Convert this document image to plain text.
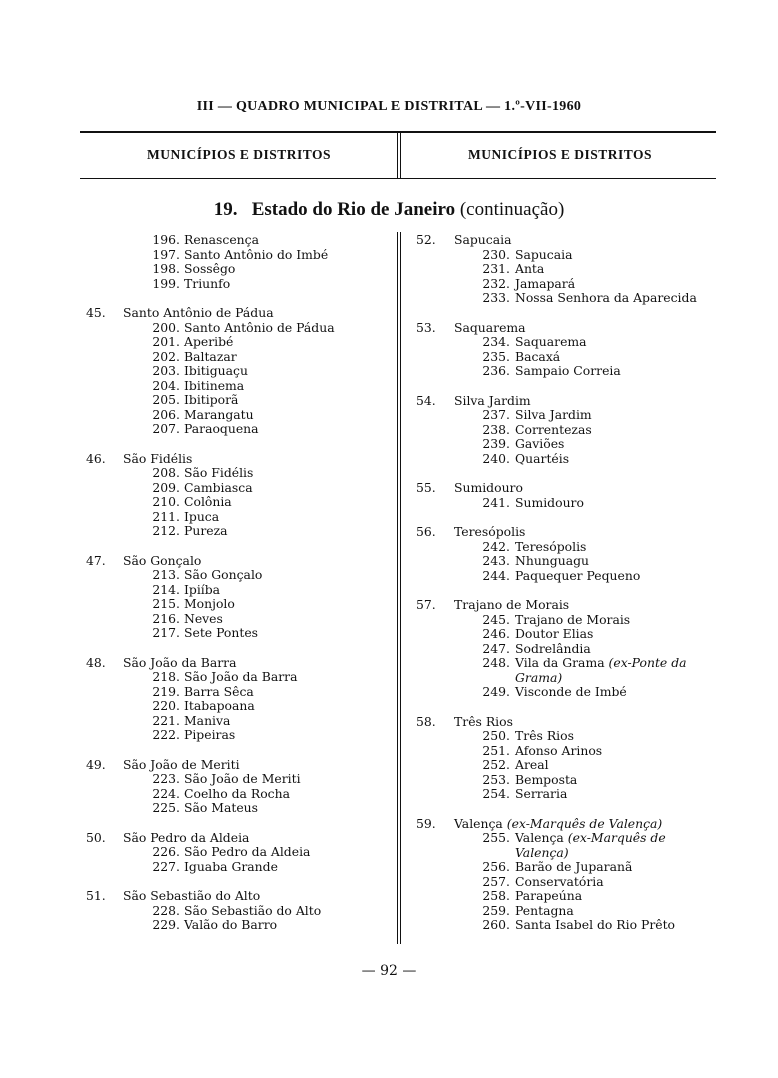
III — QUADRO MUNICIPAL E DISTRITAL — 1.º-VII-1960
MUNICÍPIOS E DISTRITOS	MUNICÍPIOS E DISTRITOS
19. Estado do Rio de Janeiro (continuação)
196. Renascença
197. Santo Antônio do Imbé
198. Sossêgo
199. Triunfo
45. Santo Antônio de Pádua
200. Santo Antônio de Pádua
201. Aperibé
202. Baltazar
203. Ibitiguaçu
204. Ibitinema
205. Ibitiporã
206. Marangatu
207. Paraoquena
46. São Fidélis
208. São Fidélis
209. Cambiasca
210. Colônia
211. Ipuca
212. Pureza
47. São Gonçalo
213. São Gonçalo
214. Ipiíba
215. Monjolo
216. Neves
217. Sete Pontes
48. São João da Barra
218. São João da Barra
219. Barra Sêca
220. Itabapoana
221. Maniva
222. Pipeiras
49. São João de Meriti
223. São João de Meriti
224. Coelho da Rocha
225. São Mateus
50. São Pedro da Aldeia
226. São Pedro da Aldeia
227. Iguaba Grande
51. São Sebastião do Alto
228. São Sebastião do Alto
229. Valão do Barro
52. Sapucaia
230. Sapucaia
231. Anta
232. Jamapará
233. Nossa Senhora da Aparecida
53. Saquarema
234. Saquarema
235. Bacaxá
236. Sampaio Correia
54. Silva Jardim
237. Silva Jardim
238. Correntezas
239. Gaviões
240. Quartéis
55. Sumidouro
241. Sumidouro
56. Teresópolis
242. Teresópolis
243. Nhunguagu
244. Paquequer Pequeno
57. Trajano de Morais
245. Trajano de Morais
246. Doutor Elias
247. Sodrelândia
248. Vila da Grama (ex-Ponte da Grama)
249. Visconde de Imbé
58. Três Rios
250. Três Rios
251. Afonso Arinos
252. Areal
253. Bemposta
254. Serraria
59. Valença (ex-Marquês de Valença)
255. Valença (ex-Marquês de Valença)
256. Barão de Juparanã
257. Conservatória
258. Parapeúna
259. Pentagna
260. Santa Isabel do Rio Prêto
— 92 —
